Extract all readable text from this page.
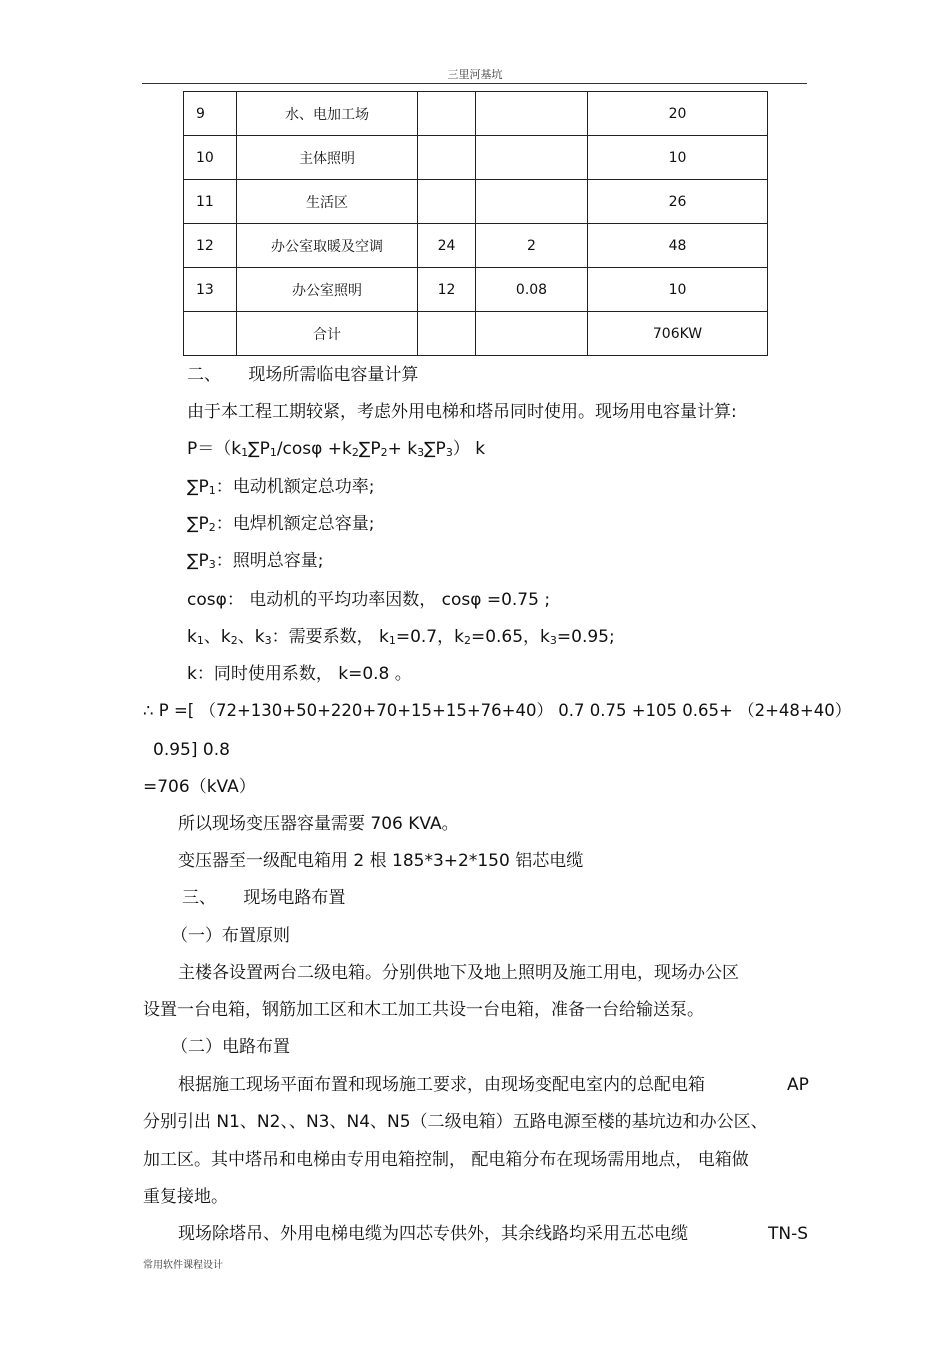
三里河基坑
9	水、电加工场			20
10	主体照明			10
11	生活区			26
12	办公室取暖及空调	24	2	48
13	办公室照明	12	0.08	10
	合计			706KW
二、 现场所需临电容量计算
由于本工程工期较紧，考虑外用电梯和塔吊同时使用。现场用电容量计算:
$P=(k_1\sum P_1$/cosφ $+k_2\sum P_2+ k_3\sum P_3$） k
$\sum P_1$：电动机额定总功率;
$\sum P_2$：电焊机额定总容量;
$\sum P_3$：照明总容量;
cosφ： 电动机的平均功率因数， cosφ =0.75 ;
$k_1$、$k_2$、$k_3$：需要系数， $k_1=0.7$，$k_2=0.65$，$k_3=0.95$;
k：同时使用系数， k=0.8 。
∴ P =[ （72+130+50+220+70+15+15+76+40） 0.7 0.75 +105 0.65+ （2+48+40）
0.95] 0.8
=706（kVA）
所以现场变压器容量需要 706 KVA。
变压器至一级配电箱用 2 根 185*3+2*150 铝芯电缆
三、 现场电路布置
（一）布置原则
主楼各设置两台二级电箱。分别供地下及地上照明及施工用电，现场办公区
设置一台电箱，钢筋加工区和木工加工共设一台电箱，准备一台给输送泵。
（二）电路布置
根据施工现场平面布置和现场施工要求，由现场变配电室内的总配电箱	AP
分别引出 N1、N2、、N3、N4、N5（二级电箱）五路电源至楼的基坑边和办公区、
加工区。其中塔吊和电梯由专用电箱控制， 配电箱分布在现场需用地点， 电箱做
重复接地。
现场除塔吊、外用电梯电缆为四芯专供外，其余线路均采用五芯电缆	TN-S
常用软件课程设计
